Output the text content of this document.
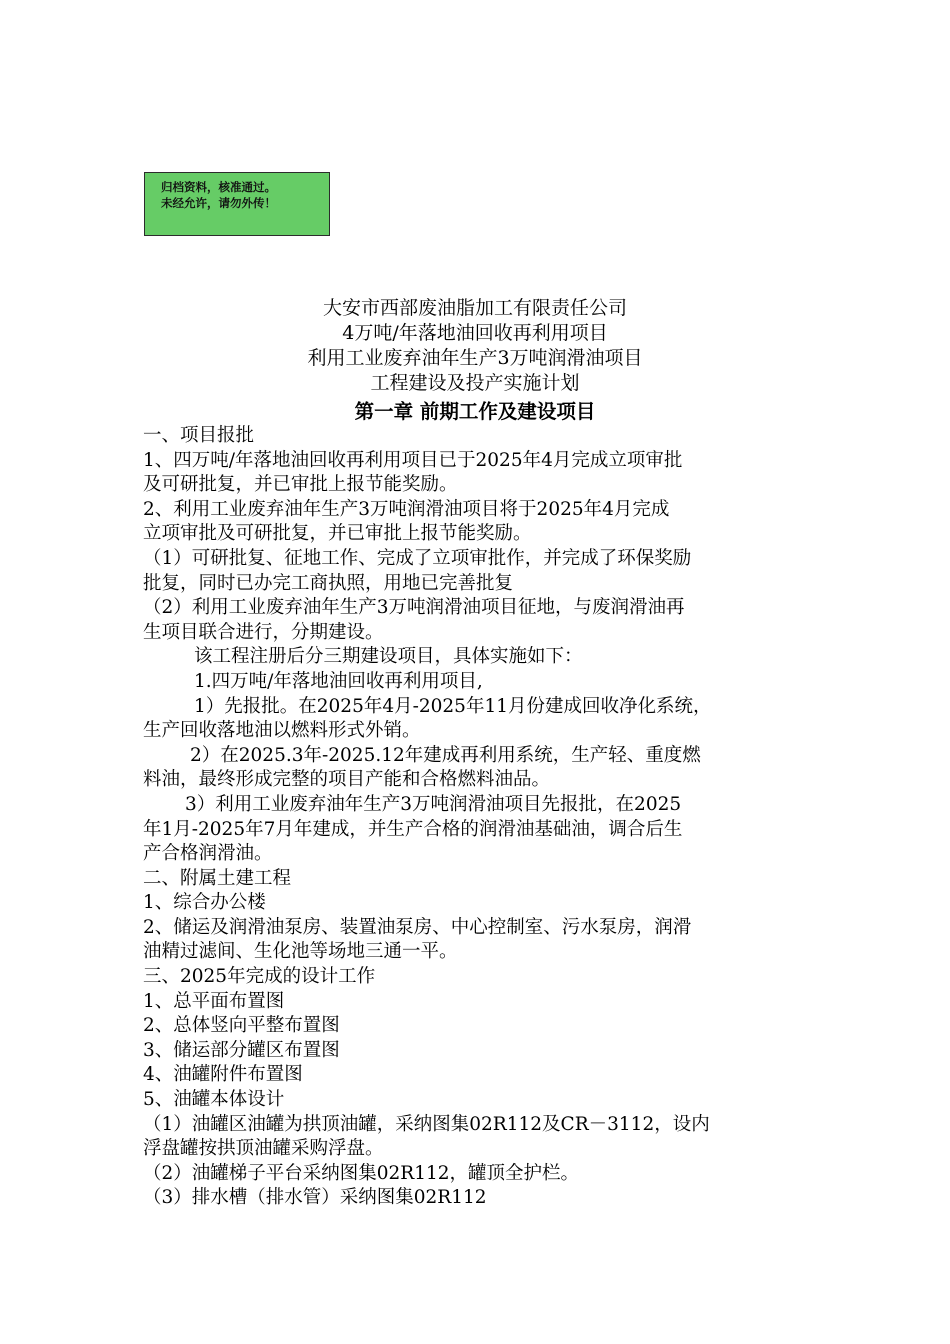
归档资料，核准通过。
未经允许，请勿外传！
大安市西部废油脂加工有限责任公司
4万吨/年落地油回收再利用项目
利用工业废弃油年生产3万吨润滑油项目
工程建设及投产实施计划
第一章 前期工作及建设项目
一、项目报批
1、四万吨/年落地油回收再利用项目已于2025年4月完成立项审批
及可研批复，并已审批上报节能奖励。
2、利用工业废弃油年生产3万吨润滑油项目将于2025年4月完成
立项审批及可研批复，并已审批上报节能奖励。
（1）可研批复、征地工作、完成了立项审批作，并完成了环保奖励
批复，同时已办完工商执照，用地已完善批复
（2）利用工业废弃油年生产3万吨润滑油项目征地，与废润滑油再
生项目联合进行，分期建设。
该工程注册后分三期建设项目，具体实施如下：
1.四万吨/年落地油回收再利用项目,
1）先报批。在2025年4月-2025年11月份建成回收净化系统，
生产回收落地油以燃料形式外销。
2）在2025.3年-2025.12年建成再利用系统，生产轻、重度燃
料油，最终形成完整的项目产能和合格燃料油品。
3）利用工业废弃油年生产3万吨润滑油项目先报批，在2025
年1月-2025年7月年建成，并生产合格的润滑油基础油，调合后生
产合格润滑油。
二、附属土建工程
1、综合办公楼
2、储运及润滑油泵房、装置油泵房、中心控制室、污水泵房，润滑
油精过滤间、生化池等场地三通一平。
三、2025年完成的设计工作
1、总平面布置图
2、总体竖向平整布置图
3、储运部分罐区布置图
4、油罐附件布置图
5、油罐本体设计
（1）油罐区油罐为拱顶油罐，采纳图集02R112及CR－3112，设内
浮盘罐按拱顶油罐采购浮盘。
（2）油罐梯子平台采纳图集02R112，罐顶全护栏。
（3）排水槽（排水管）采纳图集02R112
